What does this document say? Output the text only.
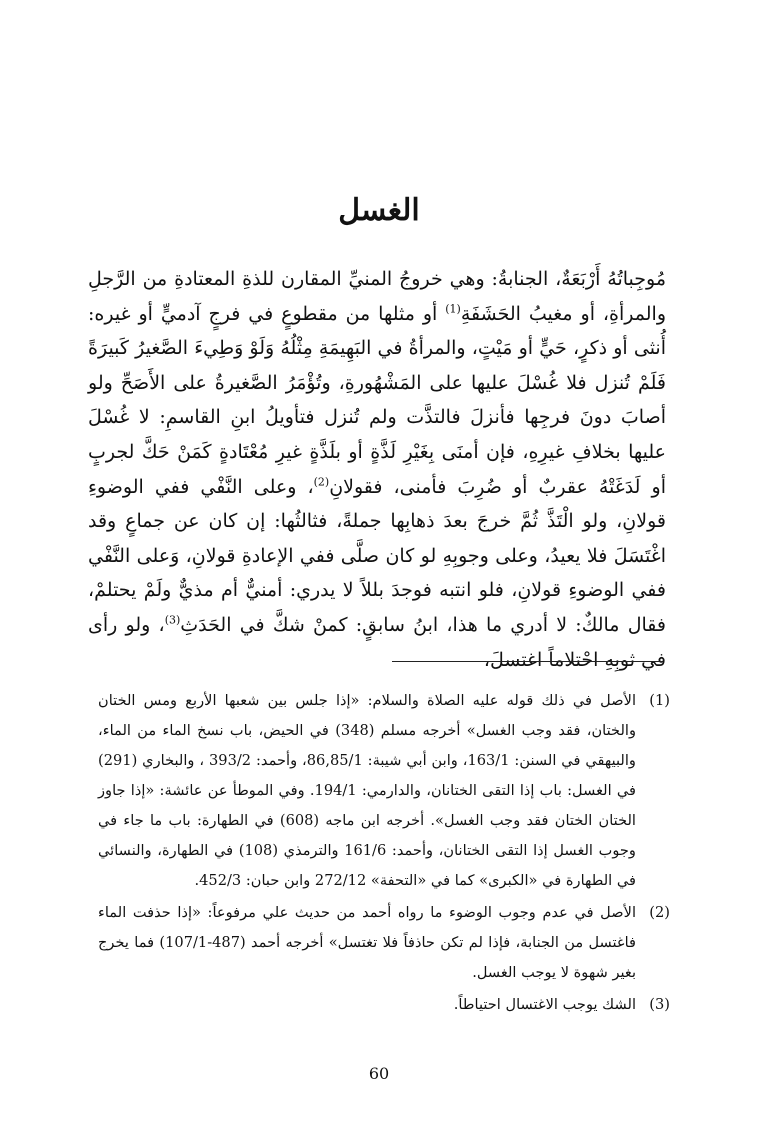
الغسل

مُوجِباتُهُ أَرْبَعَةٌ، الجنابةُ: وهي خروجُ المنيِّ المقارن للذةِ المعتادةِ من الرَّجلِ والمرأةِ، أو مغيبُ الحَشَفَةِ$^{(1)}$ أو مثلها من مقطوعٍ في فرجٍ آدميٍّ أو غيره: أُنثى أو ذكرٍ، حَيٍّ أو مَيْتٍ، والمرأةُ في البَهِيمَةِ مِثْلُهُ وَلَوْ وَطِيءَ الصَّغيرُ كَبيرَةً فَلَمْ تُنزل فلا غُسْلَ عليها على المَشْهُورةِ، وتُؤْمَرُ الصَّغيرةُ على الأَصَحِّ ولو أصابَ دونَ فرجِها فأنزلَ فالتذَّت ولم تُنزل فتأويلُ ابنِ القاسمِ: لا غُسْلَ عليها بخلافِ غيرِهِ، فإن أمنَى بِغَيْرِ لَذَّةٍ أو بلَذَّةٍ غيرِ مُعْتَادةٍ كَمَنْ حَكَّ لجربٍ أو لَدَغَتْهُ عقربٌ أو ضُرِبَ فأمنى، فقولانِ$^{(2)}$، وعلى النَّفْي ففي الوضوءِ قولانِ، ولو الْتَذَّ ثُمَّ خرجَ بعدَ ذهابِها جملةً، فثالثُها: إن كان عن جماعٍ وقد اغْتَسَلَ فلا يعيدُ، وعلى وجوبِهِ لو كان صلَّى ففي الإعادةِ قولانِ، وَعلى النَّفْي ففي الوضوءِ قولانِ، فلو انتبه فوجدَ بللاً لا يدري: أمنيٌّ أم مذيٌّ ولَمْ يحتلمْ، فقال مالكٌ: لا أدري ما هذا، ابنُ سابقٍ: كمنْ شكَّ في الحَدَثِ$^{(3)}$، ولو رأى في ثوبِهِ احْتلاماً اغتسلَ،

(1)
الأصل في ذلك قوله عليه الصلاة والسلام: «إذا جلس بين شعبها الأربع ومس الختان والختان، فقد وجب الغسل» أخرجه مسلم (348) في الحيض، باب نسخ الماء من الماء، والبيهقي في السنن: 163/1، وابن أبي شيبة: 86,85/1، وأحمد: 393/2 ، والبخاري (291) في الغسل: باب إذا التقى الختانان، والدارمي: 194/1. وفي الموطأ عن عائشة: «إذا جاوز الختان الختان فقد وجب الغسل». أخرجه ابن ماجه (608) في الطهارة: باب ما جاء في وجوب الغسل إذا التقى الختانان، وأحمد: 161/6 والترمذي (108) في الطهارة، والنسائي في الطهارة في «الكبرى» كما في «التحفة» 272/12 وابن حبان: 452/3.
(2)
الأصل في عدم وجوب الوضوء ما رواه أحمد من حديث علي مرفوعاً: «إذا حذفت الماء فاغتسل من الجنابة، فإذا لم تكن حاذفاً فلا تغتسل» أخرجه أحمد (487-107/1) فما يخرج بغير شهوة لا يوجب الغسل.
(3)
الشك يوجب الاغتسال احتياطاً.
60
